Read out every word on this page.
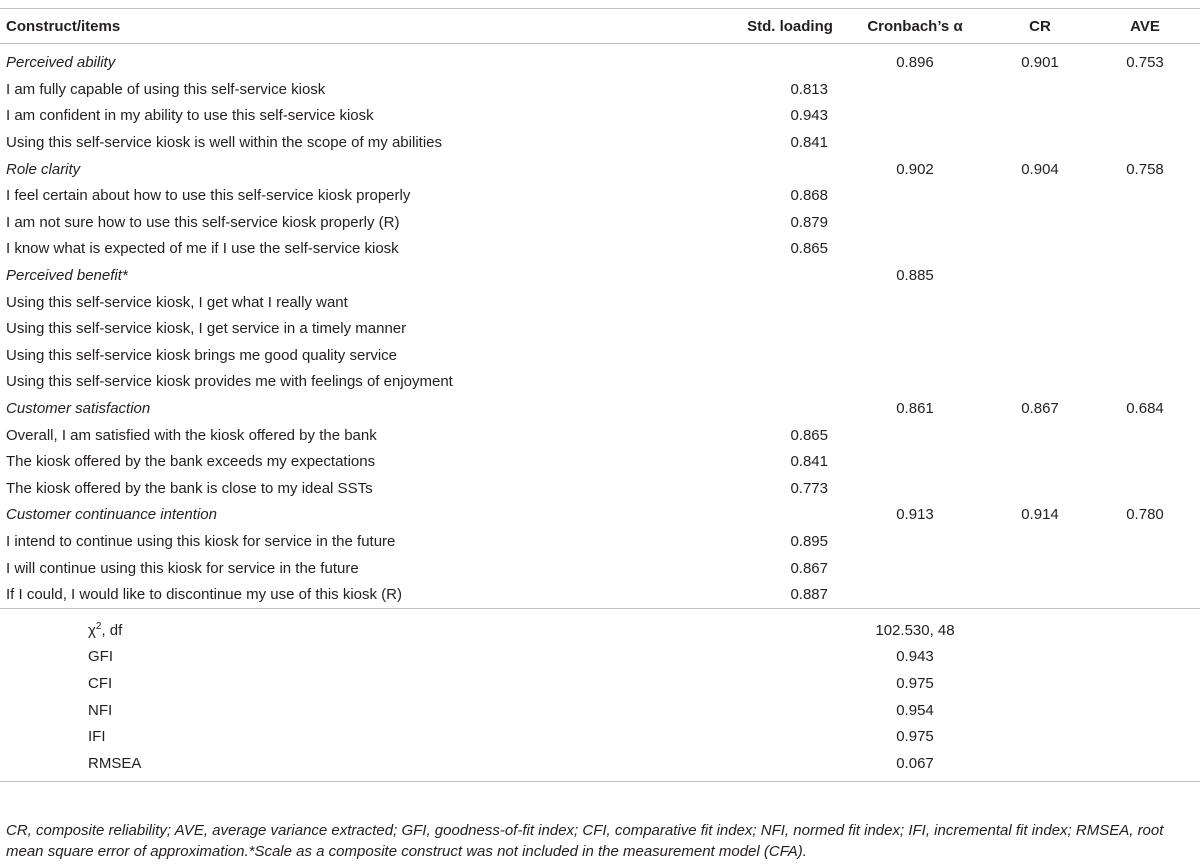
Construct/items	Std. loading	Cronbach’s α	CR	AVE
Perceived ability		0.896	0.901	0.753
I am fully capable of using this self-service kiosk	0.813			
I am confident in my ability to use this self-service kiosk	0.943			
Using this self-service kiosk is well within the scope of my abilities	0.841			
Role clarity		0.902	0.904	0.758
I feel certain about how to use this self-service kiosk properly	0.868			
I am not sure how to use this self-service kiosk properly (R)	0.879			
I know what is expected of me if I use the self-service kiosk	0.865			
Perceived benefit*		0.885		
Using this self-service kiosk, I get what I really want				
Using this self-service kiosk, I get service in a timely manner				
Using this self-service kiosk brings me good quality service				
Using this self-service kiosk provides me with feelings of enjoyment				
Customer satisfaction		0.861	0.867	0.684
Overall, I am satisfied with the kiosk offered by the bank	0.865			
The kiosk offered by the bank exceeds my expectations	0.841			
The kiosk offered by the bank is close to my ideal SSTs	0.773			
Customer continuance intention		0.913	0.914	0.780
I intend to continue using this kiosk for service in the future	0.895			
I will continue using this kiosk for service in the future	0.867			
If I could, I would like to discontinue my use of this kiosk (R)	0.887			
$\chi^2$, df		102.530, 48		
GFI		0.943		
CFI		0.975		
NFI		0.954		
IFI		0.975		
RMSEA		0.067		
CR, composite reliability; AVE, average variance extracted; GFI, goodness-of-fit index; CFI, comparative fit index; NFI, normed fit index; IFI, incremental fit index; RMSEA, root mean square error of approximation.*Scale as a composite construct was not included in the measurement model (CFA).
